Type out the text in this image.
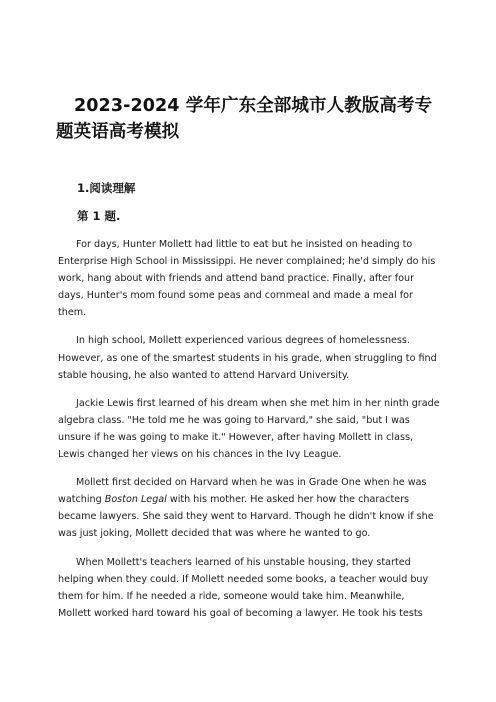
2023-2024 学年广东全部城市人教版高考专题英语高考模拟
1.阅读理解
第 1 题.

For days, Hunter Mollett had little to eat but he insisted on heading to Enterprise High School in Mississippi. He never complained; he'd simply do his work, hang about with friends and attend band practice. Finally, after four days, Hunter's mom found some peas and cornmeal and made a meal for them.

In high school, Mollett experienced various degrees of homelessness. However, as one of the smartest students in his grade, when struggling to find stable housing, he also wanted to attend Harvard University.

Jackie Lewis first learned of his dream when she met him in her ninth grade algebra class. "He told me he was going to Harvard," she said, "but I was unsure if he was going to make it." However, after having Mollett in class, Lewis changed her views on his chances in the Ivy League.

Mollett first decided on Harvard when he was in Grade One when he was watching Boston Legal with his mother. He asked her how the characters became lawyers. She said they went to Harvard. Though he didn't know if she was just joking, Mollett decided that was where he wanted to go.

When Mollett's teachers learned of his unstable housing, they started helping when they could. If Mollett needed some books, a teacher would buy them for him. If he needed a ride, someone would take him. Meanwhile, Mollett worked hard toward his goal of becoming a lawyer. He took his tests
